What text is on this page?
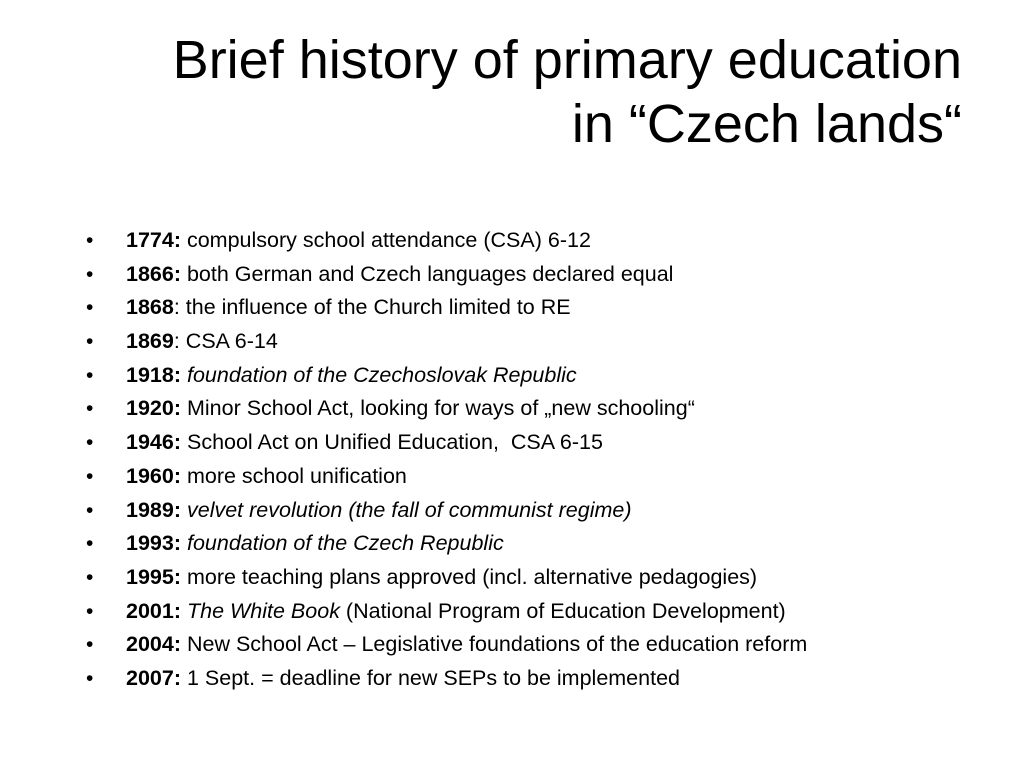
Brief history of primary education
in “Czech lands“
• 1774: compulsory school attendance (CSA) 6-12
• 1866: both German and Czech languages declared equal
• 1868: the influence of the Church limited to RE
• 1869: CSA 6-14
• 1918: foundation of the Czechoslovak Republic
• 1920: Minor School Act, looking for ways of „new schooling“
• 1946: School Act on Unified Education,  CSA 6-15
• 1960: more school unification
• 1989: velvet revolution (the fall of communist regime)
• 1993: foundation of the Czech Republic
• 1995: more teaching plans approved (incl. alternative pedagogies)
• 2001: The White Book (National Program of Education Development)
• 2004: New School Act – Legislative foundations of the education reform
• 2007: 1 Sept. = deadline for new SEPs to be implemented
